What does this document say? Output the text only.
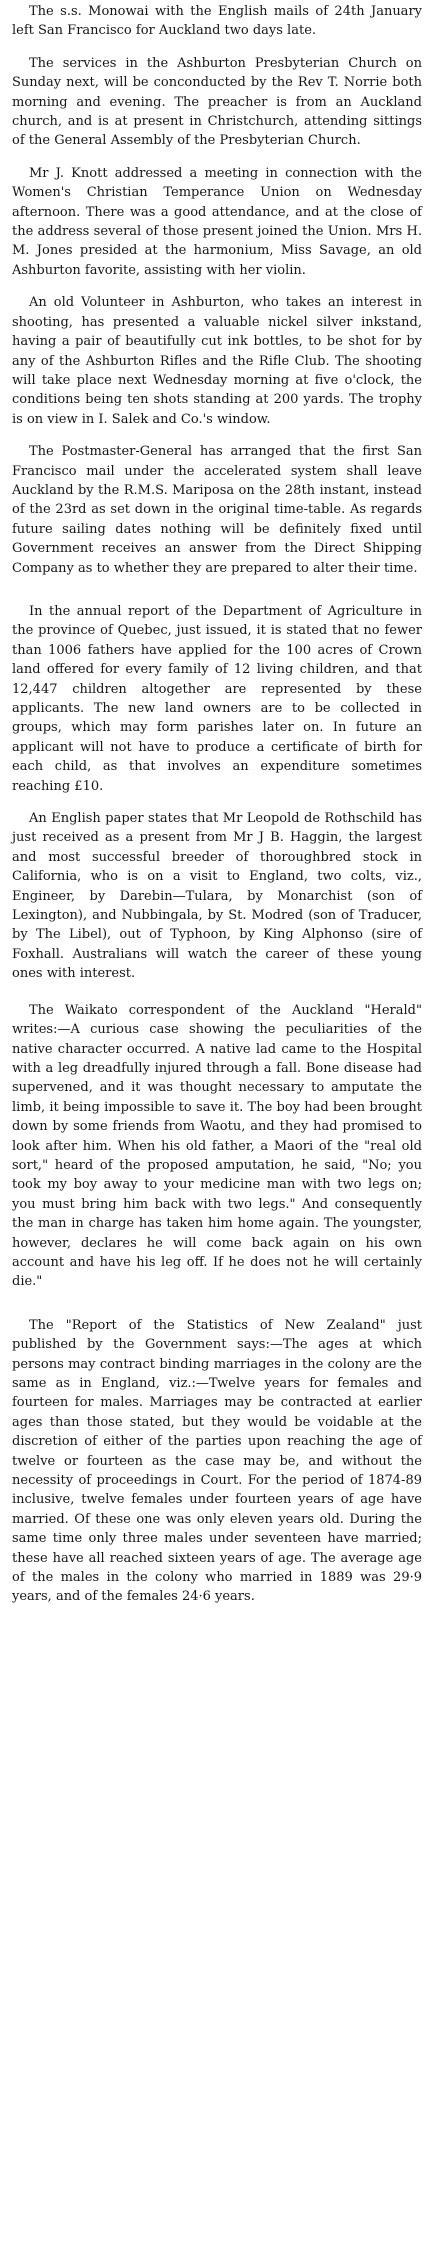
The s.s. Monowai with the English mails of 24th January left San Francisco for Auckland two days late.

The services in the Ashburton Presbyterian Church on Sunday next, will be conconducted by the Rev T. Norrie both morning and evening. The preacher is from an Auckland church, and is at present in Christchurch, attending sittings of the General Assembly of the Presbyterian Church.

Mr J. Knott addressed a meeting in connection with the Women's Christian Temperance Union on Wednesday afternoon. There was a good attendance, and at the close of the address several of those present joined the Union. Mrs H. M. Jones presided at the harmonium, Miss Savage, an old Ashburton favorite, assisting with her violin.

An old Volunteer in Ashburton, who takes an interest in shooting, has presented a valuable nickel silver inkstand, having a pair of beautifully cut ink bottles, to be shot for by any of the Ashburton Rifles and the Rifle Club. The shooting will take place next Wednesday morning at five o'clock, the conditions being ten shots standing at 200 yards. The trophy is on view in I. Salek and Co.'s window.

The Postmaster-General has arranged that the first San Francisco mail under the accelerated system shall leave Auckland by the R.M.S. Mariposa on the 28th instant, instead of the 23rd as set down in the original time-table. As regards future sailing dates nothing will be definitely fixed until Government receives an answer from the Direct Shipping Company as to whether they are prepared to alter their time.

In the annual report of the Department of Agriculture in the province of Quebec, just issued, it is stated that no fewer than 1006 fathers have applied for the 100 acres of Crown land offered for every family of 12 living children, and that 12,447 children altogether are represented by these applicants. The new land owners are to be collected in groups, which may form parishes later on. In future an applicant will not have to produce a certificate of birth for each child, as that involves an expenditure sometimes reaching £10.

An English paper states that Mr Leopold de Rothschild has just received as a present from Mr J B. Haggin, the largest and most successful breeder of thoroughbred stock in California, who is on a visit to England, two colts, viz., Engineer, by Darebin—Tulara, by Monarchist (son of Lexington), and Nubbingala, by St. Modred (son of Traducer, by The Libel), out of Typhoon, by King Alphonso (sire of Foxhall. Australians will watch the career of these young ones with interest.

The Waikato correspondent of the Auckland "Herald" writes:—A curious case showing the peculiarities of the native character occurred. A native lad came to the Hospital with a leg dreadfully injured through a fall. Bone disease had supervened, and it was thought necessary to amputate the limb, it being impossible to save it. The boy had been brought down by some friends from Waotu, and they had promised to look after him. When his old father, a Maori of the "real old sort," heard of the proposed amputation, he said, "No; you took my boy away to your medicine man with two legs on; you must bring him back with two legs." And consequently the man in charge has taken him home again. The youngster, however, declares he will come back again on his own account and have his leg off. If he does not he will certainly die."

The "Report of the Statistics of New Zealand" just published by the Government says:—The ages at which persons may contract binding marriages in the colony are the same as in England, viz.:—Twelve years for females and fourteen for males. Marriages may be contracted at earlier ages than those stated, but they would be voidable at the discretion of either of the parties upon reaching the age of twelve or fourteen as the case may be, and without the necessity of proceedings in Court. For the period of 1874-89 inclusive, twelve females under fourteen years of age have married. Of these one was only eleven years old. During the same time only three males under seventeen have married; these have all reached sixteen years of age. The average age of the males in the colony who married in 1889 was 29·9 years, and of the females 24·6 years.
